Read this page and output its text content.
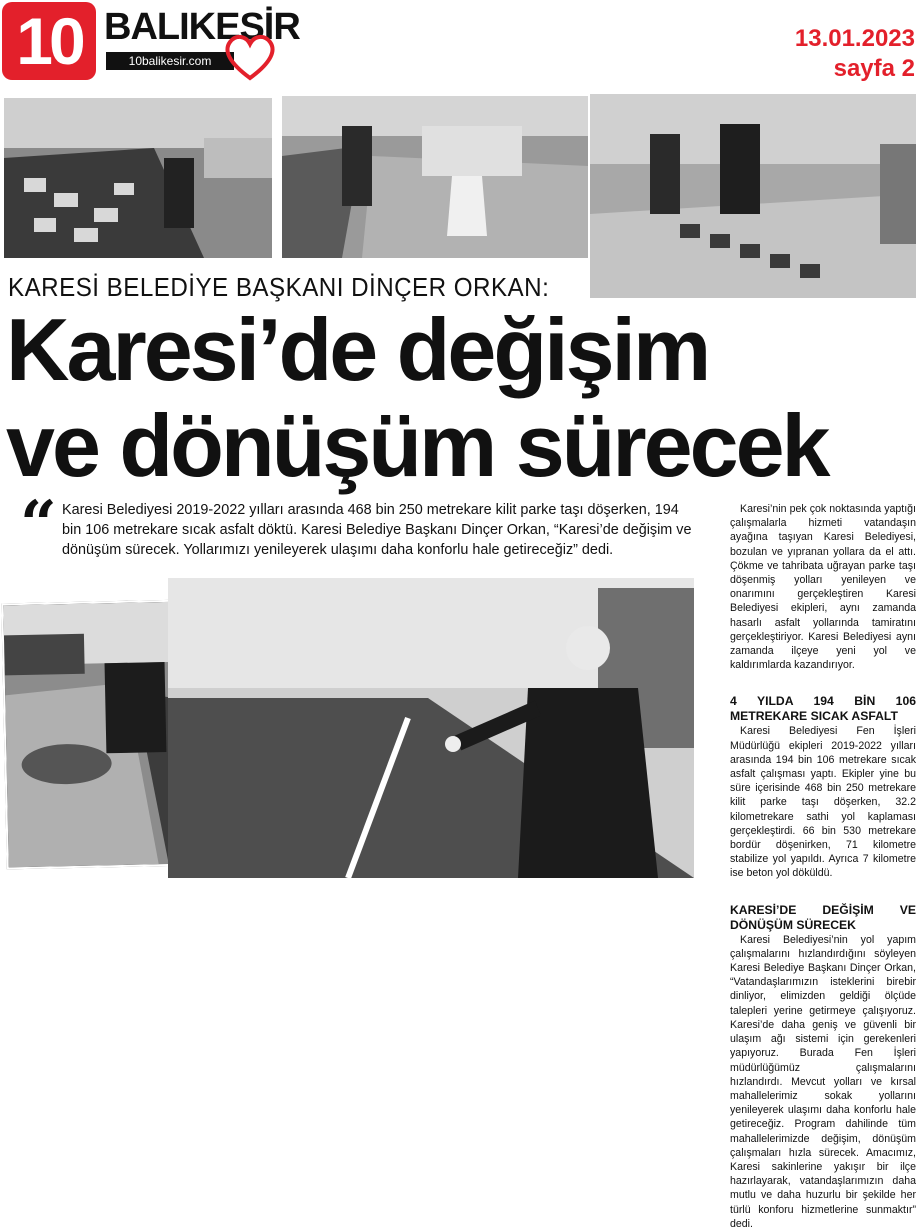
10 BALIKESİR
10balikesir.com
13.01.2023
sayfa 2
KARESİ BELEDİYE BAŞKANI DİNÇER ORKAN:
Karesi’de değişim
ve dönüşüm sürecek
“ Karesi Belediyesi 2019-2022 yılları arasında 468 bin 250 metrekare kilit parke taşı döşerken, 194 bin 106 metrekare sıcak asfalt döktü. Karesi Belediye Başkanı Dinçer Orkan, “Karesi’de değişim ve dönüşüm sürecek. Yollarımızı yenileyerek ulaşımı daha konforlu hale getireceğiz” dedi.

Karesi’nin pek çok noktasında yaptığı çalışmalarla hizmeti vatandaşın ayağına taşıyan Karesi Belediyesi, bozulan ve yıpranan yollara da el attı. Çökme ve tahribata uğrayan parke taşı döşenmiş yolları yenileyen ve onarımını gerçekleştiren Karesi Belediyesi ekipleri, aynı zamanda hasarlı asfalt yollarında tamiratını gerçekleştiriyor. Karesi Belediyesi aynı zamanda ilçeye yeni yol ve kaldırımlarda kazandırıyor.

4 YILDA 194 BİN 106 METREKARE SICAK ASFALT

Karesi Belediyesi Fen İşleri Müdürlüğü ekipleri 2019-2022 yılları arasında 194 bin 106 metrekare sıcak asfalt çalışması yaptı. Ekipler yine bu süre içerisinde 468 bin 250 metrekare kilit parke taşı döşerken, 32.2 kilometrekare sathi yol kaplaması gerçekleştirdi. 66 bin 530 metrekare bordür döşenirken, 71 kilometre stabilize yol yapıldı. Ayrıca 7 kilometre ise beton yol döküldü.

KARESİ’DE DEĞİŞİM VE DÖNÜŞÜM SÜRECEK

Karesi Belediyesi’nin yol yapım çalışmalarını hızlandırdığını söyleyen Karesi Belediye Başkanı Dinçer Orkan, “Vatandaşlarımızın isteklerini birebir dinliyor, elimizden geldiği ölçüde talepleri yerine getirmeye çalışıyoruz. Karesi’de daha geniş ve güvenli bir ulaşım ağı sistemi için gerekenleri yapıyoruz. Burada Fen İşleri müdürlüğümüz çalışmalarını hızlandırdı. Mevcut yolları ve kırsal mahallelerimiz sokak yollarını yenileyerek ulaşımı daha konforlu hale getireceğiz. Program dahilinde tüm mahallelerimizde değişim, dönüşüm çalışmaları hızla sürecek. Amacımız, Karesi sakinlerine yakışır bir ilçe hazırlayarak, vatandaşlarımızın daha mutlu ve daha huzurlu bir şekilde her türlü konforu hizmetlerine sunmaktır” dedi.
